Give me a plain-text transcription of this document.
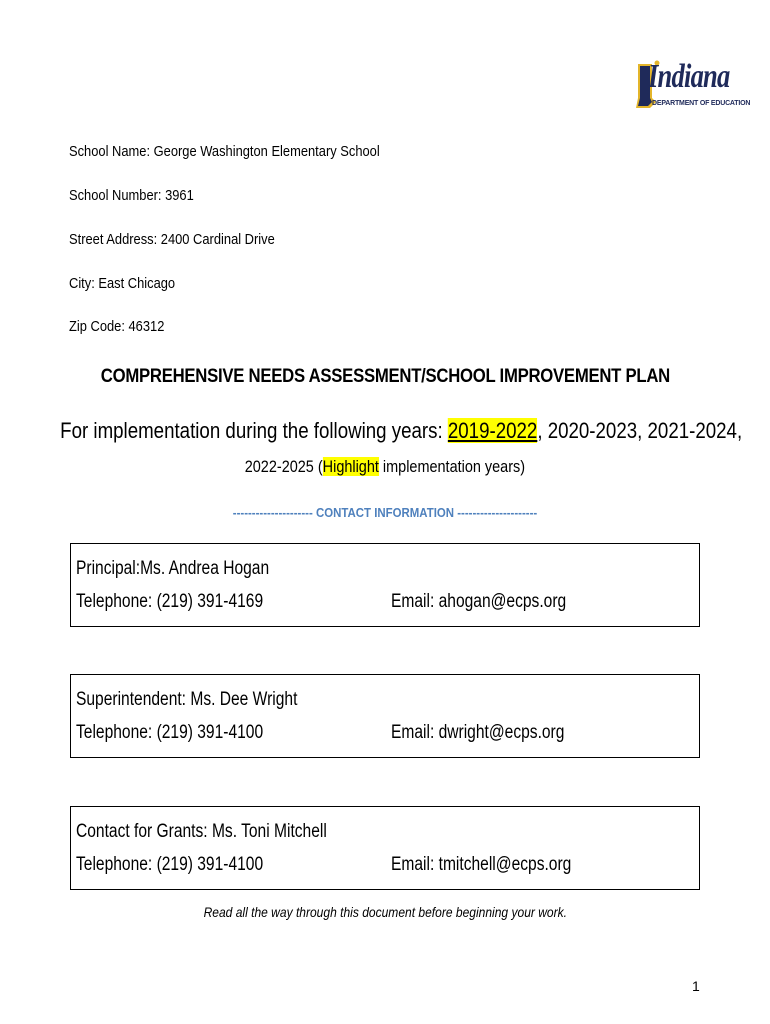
Indiana
DEPARTMENT OF EDUCATION
School Name: George Washington Elementary School
School Number: 3961
Street Address: 2400 Cardinal Drive
City: East Chicago
Zip Code: 46312
COMPREHENSIVE NEEDS ASSESSMENT/SCHOOL IMPROVEMENT PLAN
For implementation during the following years: 2019-2022, 2020-2023, 2021-2024,
2022-2025 (Highlight implementation years)
--------------------- CONTACT INFORMATION ---------------------
Principal:Ms. Andrea Hogan
Telephone: (219) 391-4169	Email: ahogan@ecps.org
Superintendent: Ms. Dee Wright
Telephone: (219) 391-4100	Email: dwright@ecps.org
Contact for Grants: Ms. Toni Mitchell
Telephone: (219) 391-4100	Email: tmitchell@ecps.org
Read all the way through this document before beginning your work.
1
